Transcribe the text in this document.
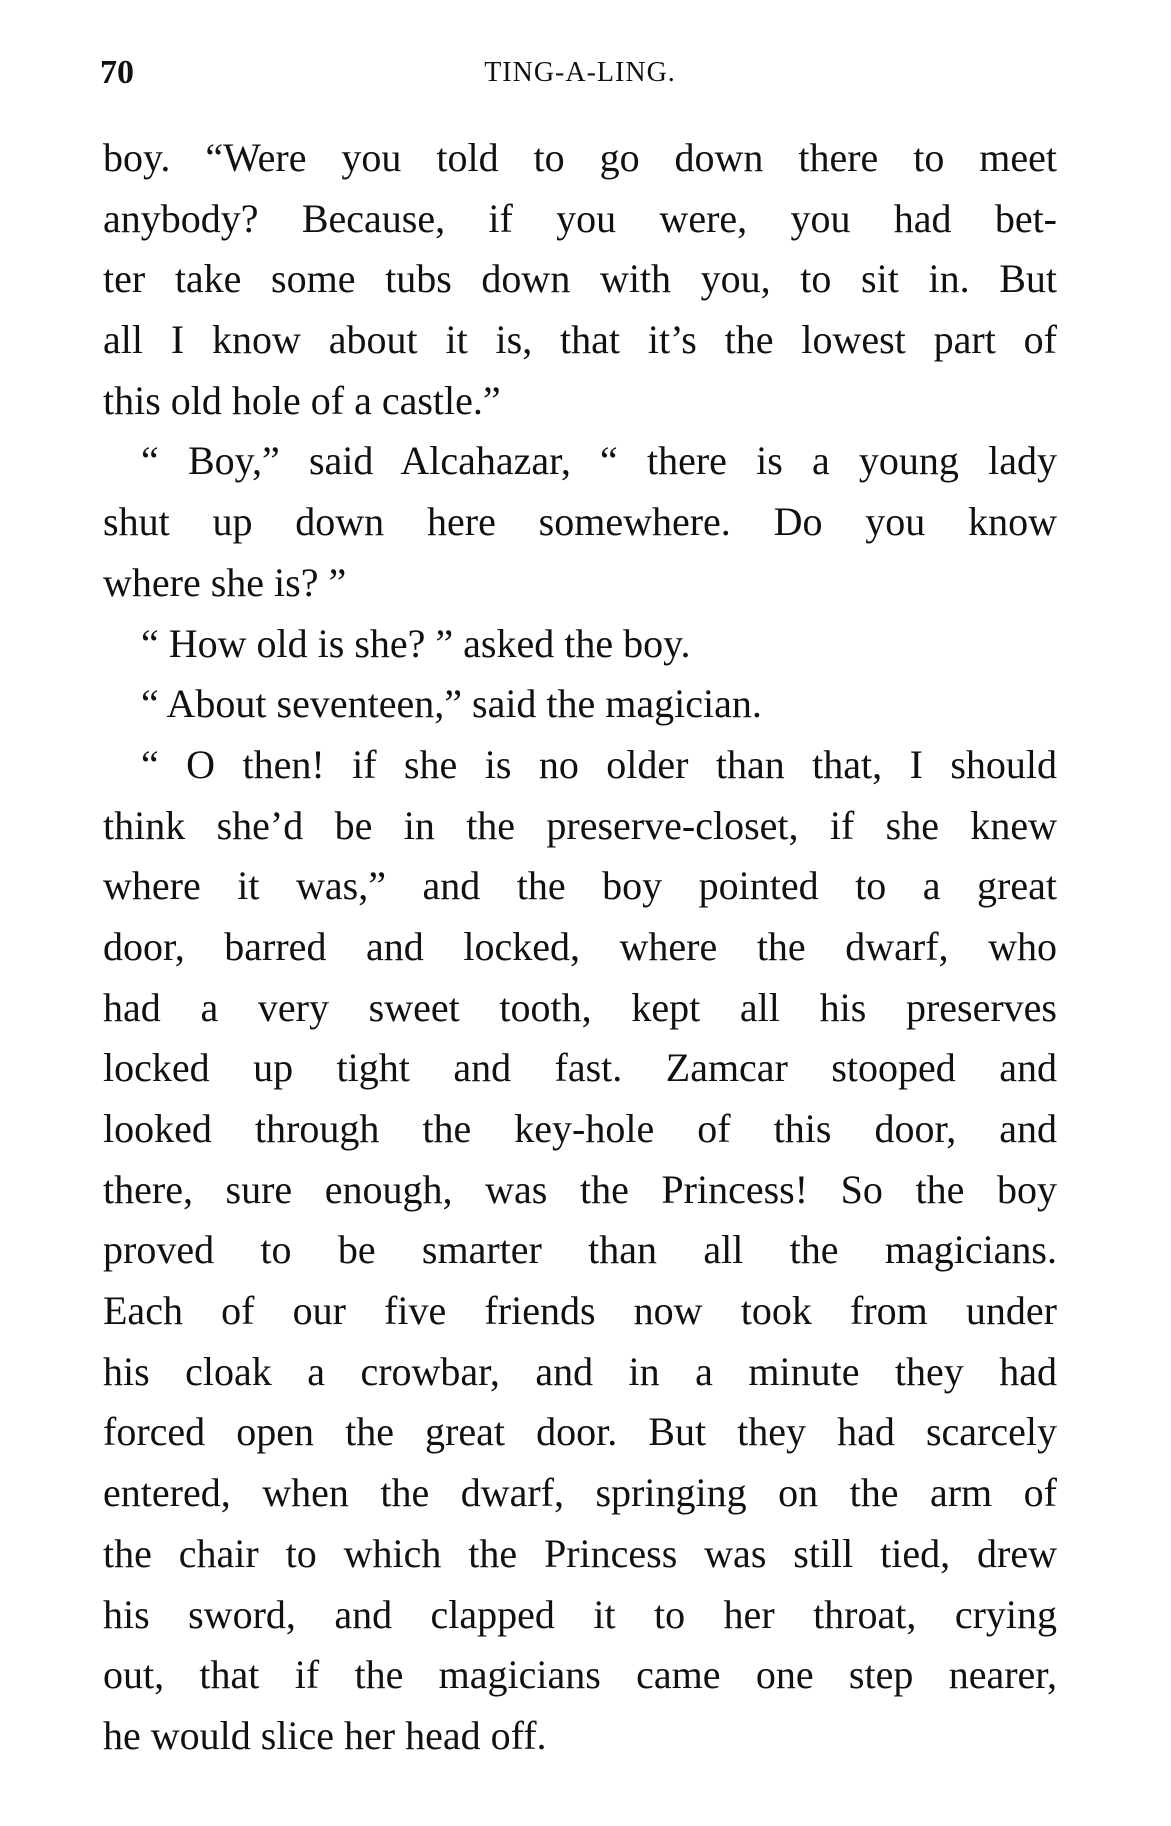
70	TING-A-LING.
boy. “Were you told to go down there to meet
anybody? Because, if you were, you had bet-
ter take some tubs down with you, to sit in. But
all I know about it is, that it’s the lowest part of
this old hole of a castle.”
“ Boy,” said Alcahazar, “ there is a young lady
shut up down here somewhere. Do you know
where she is? ”
“ How old is she? ” asked the boy.
“ About seventeen,” said the magician.
“ O then! if she is no older than that, I should
think she’d be in the preserve-closet, if she knew
where it was,” and the boy pointed to a great
door, barred and locked, where the dwarf, who
had a very sweet tooth, kept all his preserves
locked up tight and fast. Zamcar stooped and
looked through the key-hole of this door, and
there, sure enough, was the Princess! So the boy
proved to be smarter than all the magicians.
Each of our five friends now took from under
his cloak a crowbar, and in a minute they had
forced open the great door. But they had scarcely
entered, when the dwarf, springing on the arm of
the chair to which the Princess was still tied, drew
his sword, and clapped it to her throat, crying
out, that if the magicians came one step nearer,
he would slice her head off.
